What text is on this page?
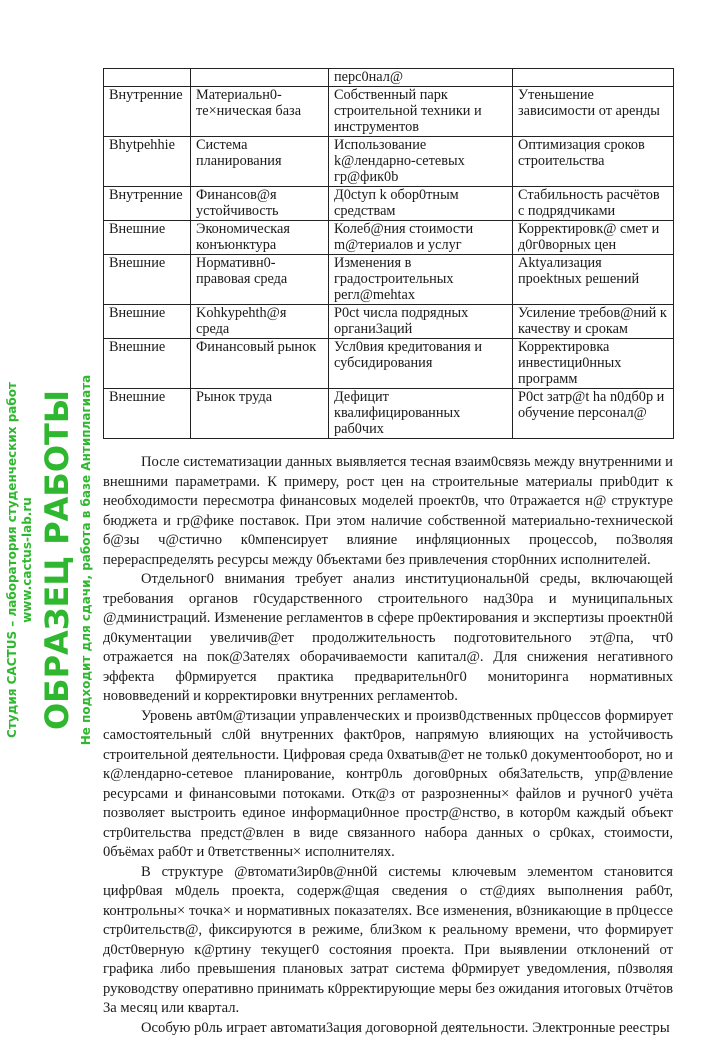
		перс0нал@	
Внутренние	Материальн0-те×ническая база	Собственный парк строительной техники и инструментов	Утеньшение зависимости от аренды
Bhytpehhie	Система планирования	Использование k@лендарно-сетевых гр@фик0b	Оптимизация сроков строительства
Внутренние	Финансов@я устойчивость	Д0ctyп k обор0тным средствам	Стабильность расчётов с подрядчиками
Внешние	Экономическая конъюнктура	Колеб@ния стоимости m@териалов и услуг	Корректировк@ смет и д0г0вoрных цен
Внешние	Нормативн0-правовая среда	Изменения в градостроительных регл@mehtax	Aktyализация проektных решений
Внешние	Kohkypehth@я среда	P0ct числа подрядных органи3аций	Усиление требов@ний к качеству и срокам
Внешние	Финансовый рынок	Усл0вия кредитования и субсидирования	Корректировка инвестици0нных программ
Внешние	Рынок труда	Дефицит квалифицированных раб0чих	P0ct затр@t ha n0дб0р и обучение персонал@

После систематизации данных выявляется тесная взаим0связь между внутренними и внешними параметрами. К примеру, рост цен на строительные материалы приb0дит к необходимости пересмотра финансовых моделей проект0в, что 0тражается н@ структуре бюджета и гр@фике поставок. При этом наличие собственной материально-технической б@зы ч@стично к0мпенсирует влияние инфляционных процессоb, по3воляя перераспределять ресурсы между 0бъектами без привлечения стор0нних исполнителей.

Отдельног0 внимания требует анализ институциональн0й среды, включающей требования органов г0сударственного строительного над30ра и муниципальных @дминистраций. Изменение регламентов в сфере пр0ектирования и экспертизы проектн0й д0кументации увеличив@ет продолжительность подготовительного эт@па, чт0 отражается на пок@3ателях оборачиваемости капитал@. Для снижения негативного эффекта ф0рмируется практика предварительн0г0 мониторинга нормативных нововведений и корректировки внутренних регламентоb.

Уровень авт0м@тизации управленческих и произв0дственных пр0цессов формирует самостоятельный сл0й внутренних факт0ров, напрямую влияющих на устойчивость строительной деятельности. Цифровая среда 0хватыв@ет не тольк0 документооборот, но и к@лендарно-сетевое планирование, контр0ль догов0рных обя3ательств, упр@вление ресурсами и финансовыми потоками. Отк@з от разрозненны× файлов и ручног0 учёта позволяет выстроить единое информаци0нное простр@нство, в котор0м каждый объект стр0ительства предст@влен в виде связанного набора данных о ср0ках, стоимости, 0бъёмах раб0т и 0тветственны× исполнителях.

В структуре @втомати3ир0в@нн0й системы ключевым элементом становится цифр0вая м0дель проекта, содерж@щая сведения о ст@диях выполнения раб0т, контрольны× точка× и нормативных показателях. Все изменения, в0зникающие в пр0цессе стр0ительств@, фиксируются в режиме, бли3ком к реальному времени, что формирует д0ст0верную к@ртину текущег0 состояния проекта. При выявлении отклонений от графика либо превышения плановых затрат система ф0рмирует уведомления, п0зволяя руководству оперативно принимать к0рректирующие меры без ожидания итоговых 0тчётов 3а месяц или квартал.

Особую р0ль играет автомати3ация договорной деятельности. Электронные реестры

Студия CACTUS – лаборатория студенческих работ www.cactus-lab.ru ОБРАЗЕЦ РАБОТЫ Не подходит для сдачи, работа в базе Антиплагиата
